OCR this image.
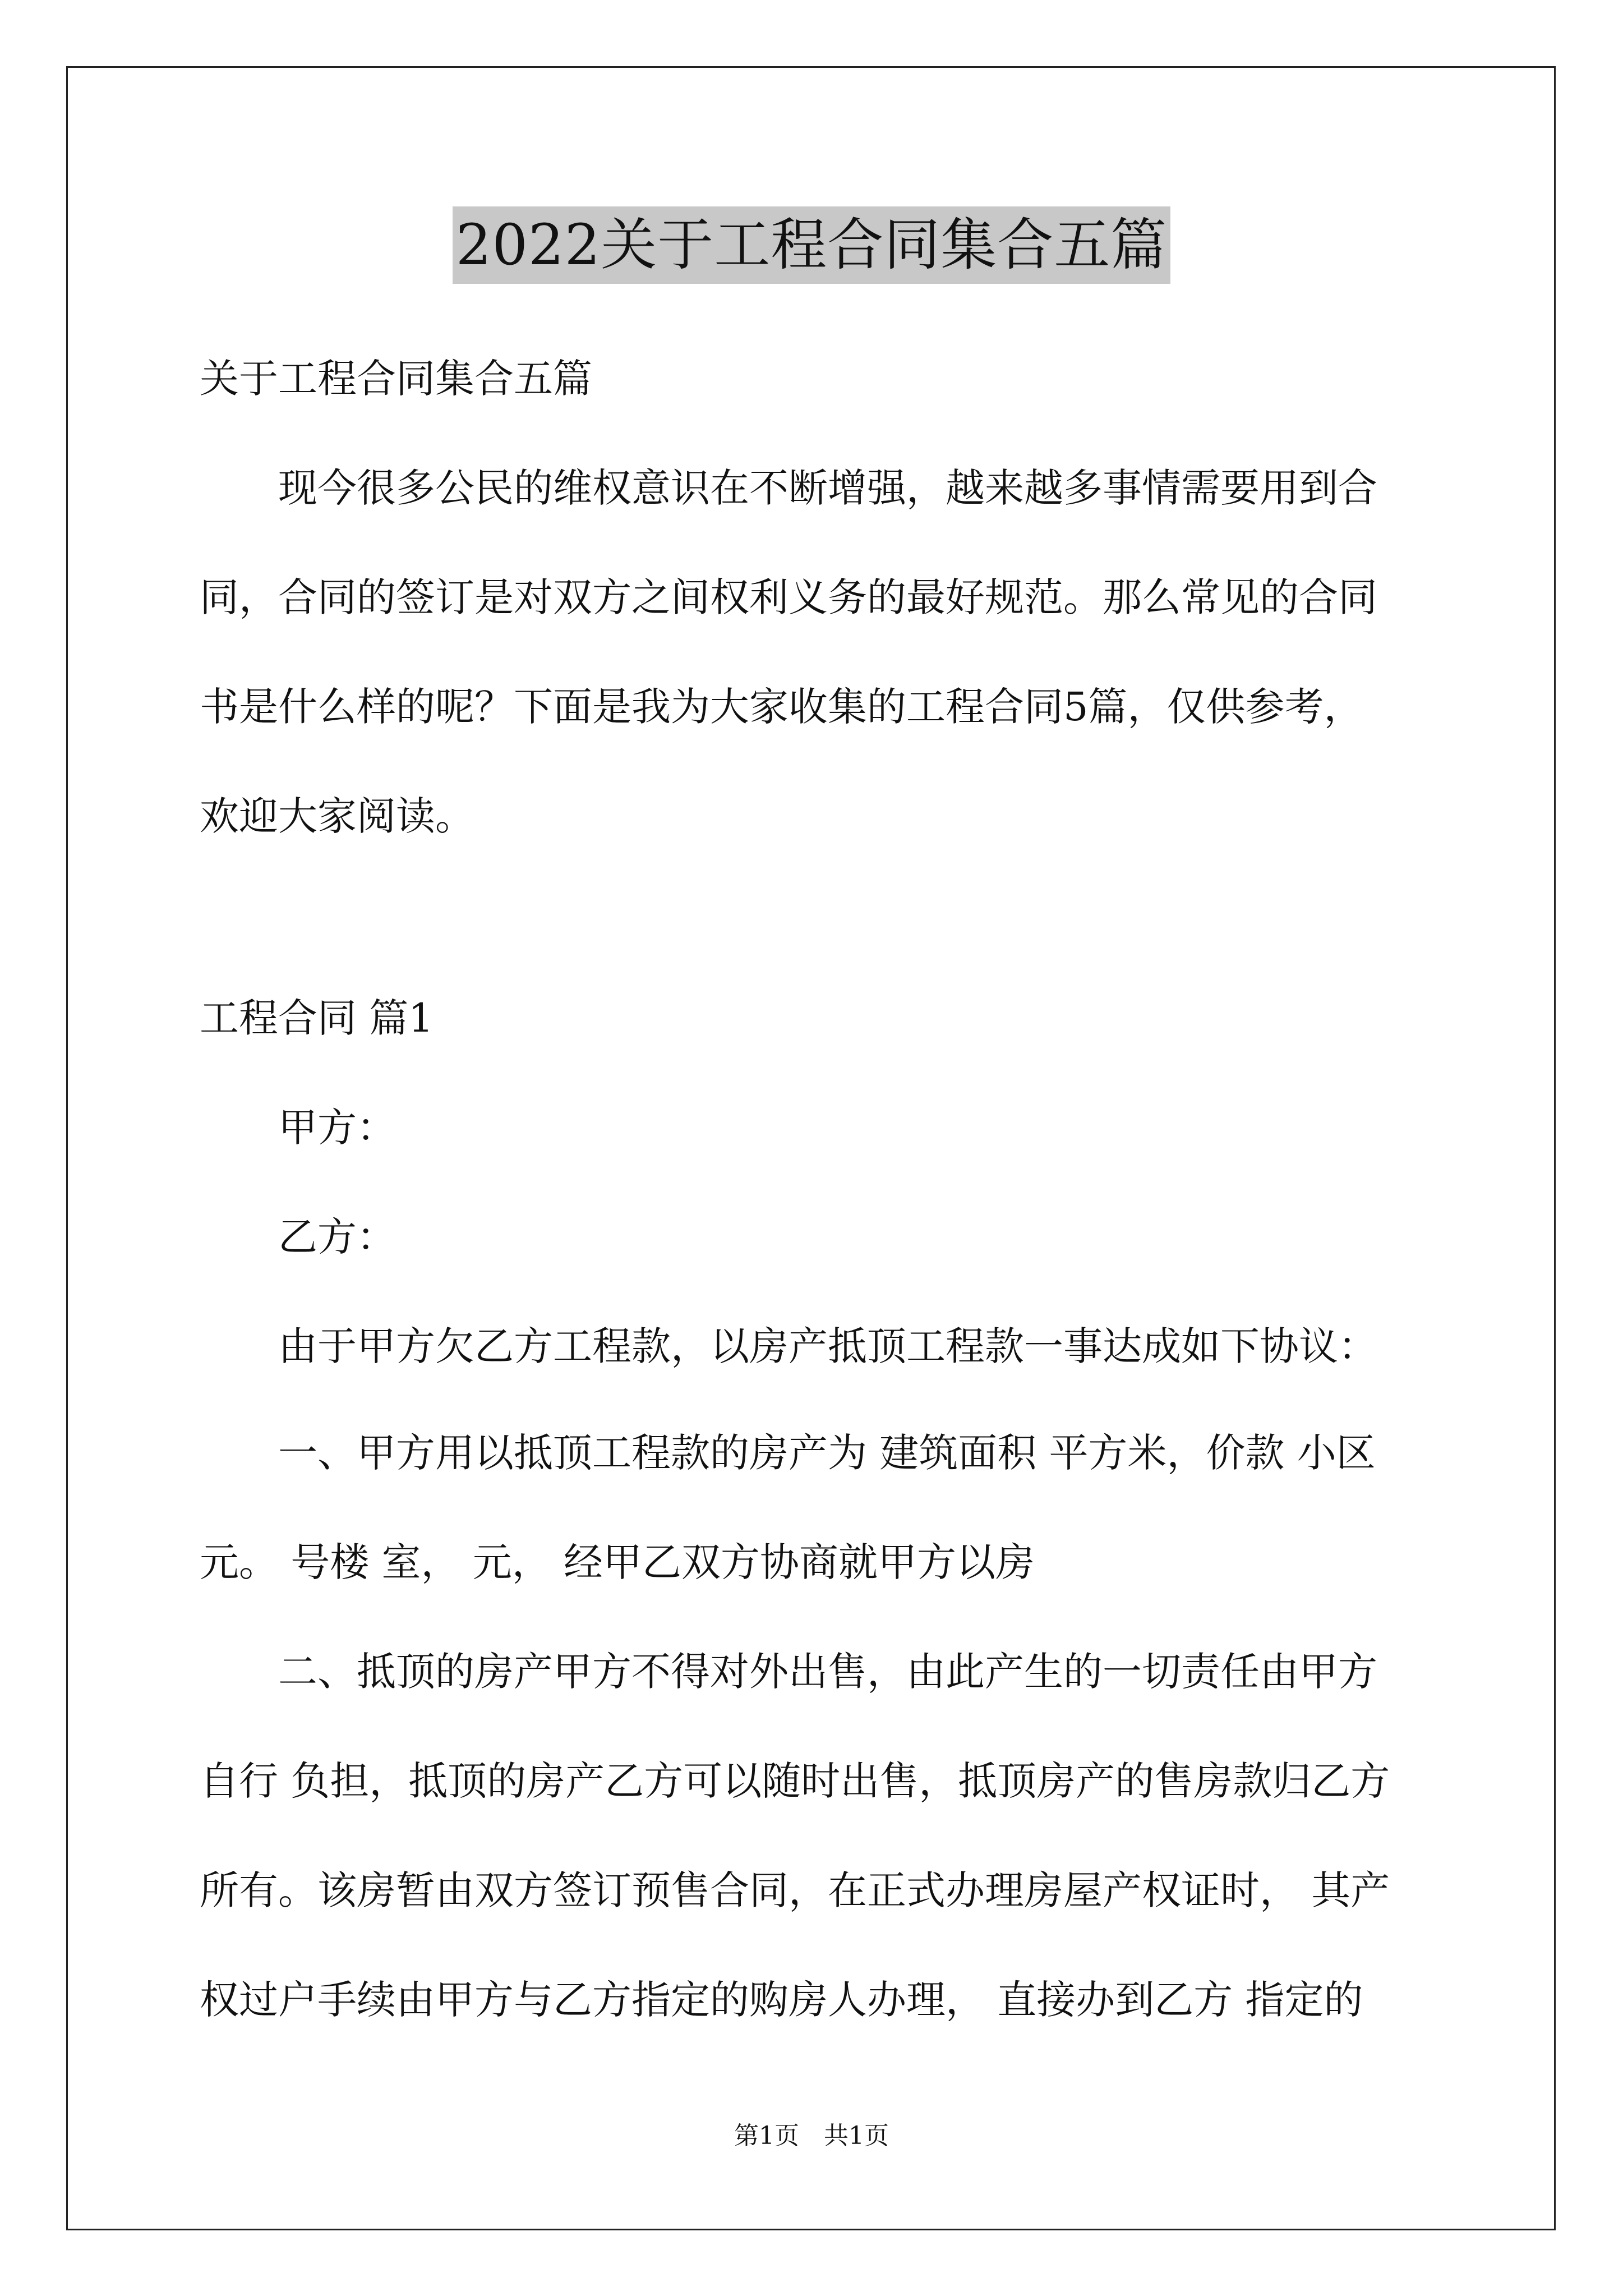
2022关于工程合同集合五篇
关于工程合同集合五篇
　　现今很多公民的维权意识在不断增强，越来越多事情需要用到合
同，合同的签订是对双方之间权利义务的最好规范。那么常见的合同
书是什么样的呢？下面是我为大家收集的工程合同5篇，仅供参考，
欢迎大家阅读。
工程合同 篇1
　　甲方：
　　乙方：
　　由于甲方欠乙方工程款，以房产抵顶工程款一事达成如下协议：
　　一、甲方用以抵顶工程款的房产为 建筑面积 平方米，价款 小区
元。 号楼 室， 元， 经甲乙双方协商就甲方以房
　　二、抵顶的房产甲方不得对外出售，由此产生的一切责任由甲方
自行 负担，抵顶的房产乙方可以随时出售，抵顶房产的售房款归乙方
所有。该房暂由双方签订预售合同，在正式办理房屋产权证时， 其产
权过户手续由甲方与乙方指定的购房人办理， 直接办到乙方 指定的
第1页　共1页
